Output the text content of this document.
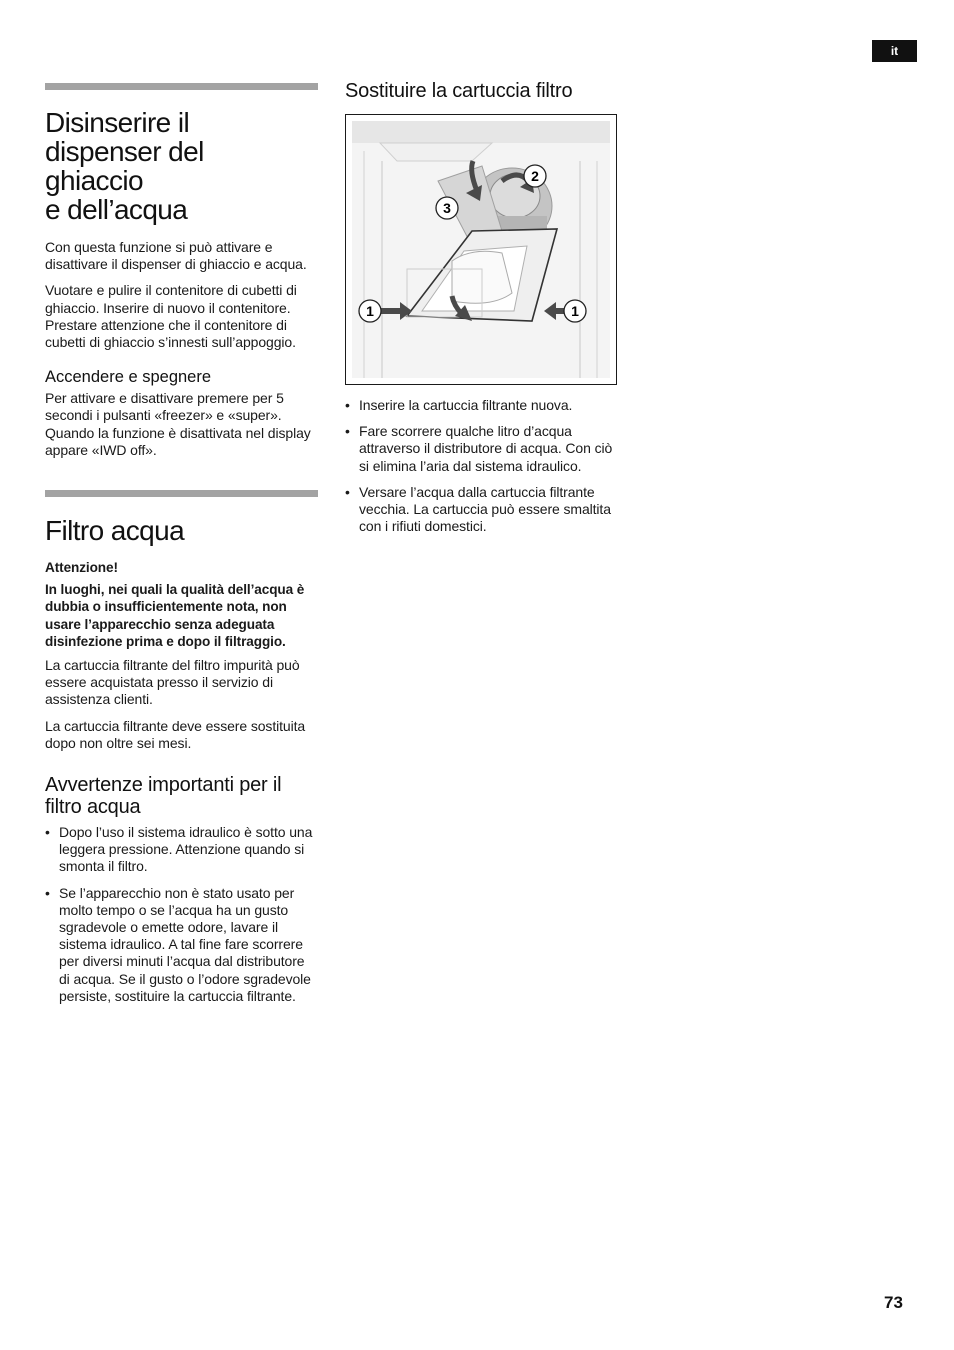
it
Disinserire il
dispenser del
ghiaccio
e dell’acqua

Con questa funzione si può attivare e disattivare il dispenser di ghiaccio e acqua.

Vuotare e pulire il contenitore di cubetti di ghiaccio. Inserire di nuovo il contenitore. Prestare attenzione che il contenitore di cubetti di ghiaccio s’innesti sull’appoggio.

Accendere e spegnere

Per attivare e disattivare premere per 5 secondi i pulsanti «freezer» e «super». Quando la funzione è disattivata nel display appare «IWD off».

Filtro acqua

Attenzione!

In luoghi, nei quali la qualità dell’acqua è dubbia o insufficientemente nota, non usare l’apparecchio senza adeguata disinfezione prima e dopo il filtraggio.

La cartuccia filtrante del filtro impurità può essere acquistata presso il servizio di assistenza clienti.

La cartuccia filtrante deve essere sostituita dopo non oltre sei mesi.

Avvertenze importanti per il filtro acqua
• Dopo l’uso il sistema idraulico è sotto una leggera pressione. Attenzione quando si smonta il filtro.
• Se l’apparecchio non è stato usato per molto tempo o se l’acqua ha un gusto sgradevole o emette odore, lavare il sistema idraulico. A tal fine fare scorrere per diversi minuti l’acqua dal distributore di acqua. Se il gusto o l’odore sgradevole persiste, sostituire la cartuccia filtrante.
Sostituire la cartuccia filtro
1	1
2
3
• Inserire la cartuccia filtrante nuova.
• Fare scorrere qualche litro d’acqua attraverso il distributore di acqua. Con ciò si elimina l’aria dal sistema idraulico.
• Versare l’acqua dalla cartuccia filtrante vecchia. La cartuccia può essere smaltita con i rifiuti domestici.
73
